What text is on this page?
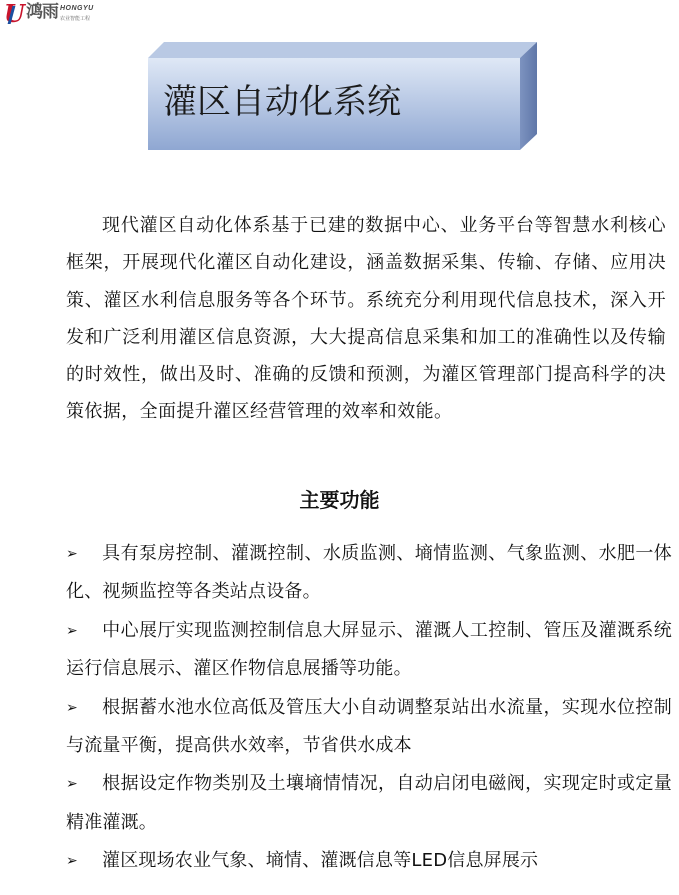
U 鸿雨 HONGYU
农业智能工程
灌区自动化系统

现代灌区自动化体系基于已建的数据中心、业务平台等智慧水利核心框架，开展现代化灌区自动化建设，涵盖数据采集、传输、存储、应用决策、灌区水利信息服务等各个环节。系统充分利用现代信息技术，深入开发和广泛利用灌区信息资源，大大提高信息采集和加工的准确性以及传输的时效性，做出及时、准确的反馈和预测，为灌区管理部门提高科学的决策依据，全面提升灌区经营管理的效率和效能。

主要功能
➢ 具有泵房控制、灌溉控制、水质监测、墒情监测、气象监测、水肥一体化、视频监控等各类站点设备。
➢ 中心展厅实现监测控制信息大屏显示、灌溉人工控制、管压及灌溉系统运行信息展示、灌区作物信息展播等功能。
➢ 根据蓄水池水位高低及管压大小自动调整泵站出水流量，实现水位控制与流量平衡，提高供水效率，节省供水成本
➢ 根据设定作物类别及土壤墒情情况，自动启闭电磁阀，实现定时或定量精准灌溉。
➢ 灌区现场农业气象、墒情、灌溉信息等LED信息屏展示
